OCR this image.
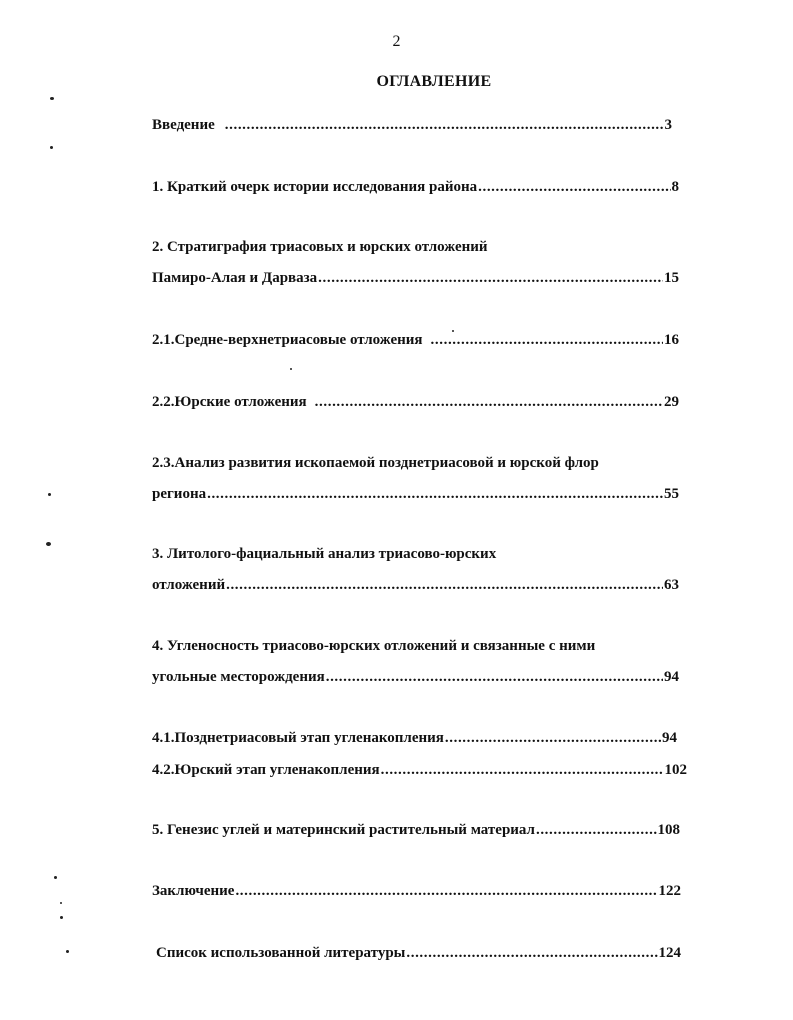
2
ОГЛАВЛЕНИЕ
Введение .....	3
1. Краткий очерк истории исследования района .....	8
2. Стратиграфия триасовых и юрских отложений
Памиро-Алая и Дарваза .....	15
2.1.Средне-верхнетриасовые отложения .....	16
2.2.Юрские отложения .....	29
2.3.Анализ развития ископаемой позднетриасовой и юрской флор
региона .....	55
3. Литолого-фациальный анализ триасово-юрских
отложений .....	63
4. Угленосность триасово-юрских отложений и связанные с ними
угольные месторождения .....	94
4.1.Позднетриасовый этап угленакопления .....	94
4.2.Юрский этап угленакопления .....	102
5. Генезис углей и материнский растительный материал .....	108
Заключение .....	122
Список использованной литературы .....	124
